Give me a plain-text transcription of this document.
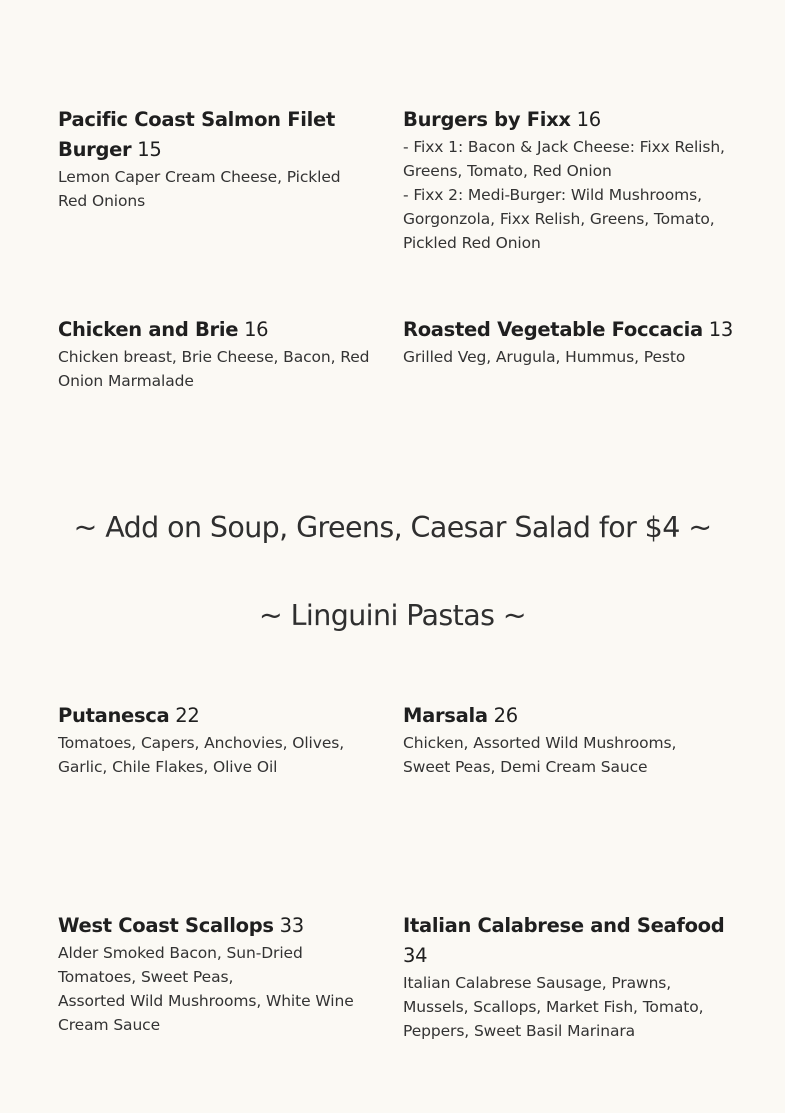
Pacific Coast Salmon Filet
Burger 15
Lemon Caper Cream Cheese, Pickled Red Onions
Burgers by Fixx 16
- Fixx 1: Bacon & Jack Cheese: Fixx Relish, Greens, Tomato, Red Onion
- Fixx 2: Medi-Burger: Wild Mushrooms, Gorgonzola, Fixx Relish, Greens, Tomato, Pickled Red Onion
Chicken and Brie 16
Chicken breast, Brie Cheese, Bacon, Red Onion Marmalade
Roasted Vegetable Foccacia 13
Grilled Veg, Arugula, Hummus, Pesto
~ Add on Soup, Greens, Caesar Salad for $4 ~
~ Linguini Pastas ~
Putanesca 22
Tomatoes, Capers, Anchovies, Olives, Garlic, Chile Flakes, Olive Oil
Marsala 26
Chicken, Assorted Wild Mushrooms, Sweet Peas, Demi Cream Sauce
West Coast Scallops 33
Alder Smoked Bacon, Sun-Dried Tomatoes, Sweet Peas,
Assorted Wild Mushrooms, White Wine Cream Sauce
Italian Calabrese and Seafood
34
Italian Calabrese Sausage, Prawns, Mussels, Scallops, Market Fish, Tomato, Peppers, Sweet Basil Marinara
